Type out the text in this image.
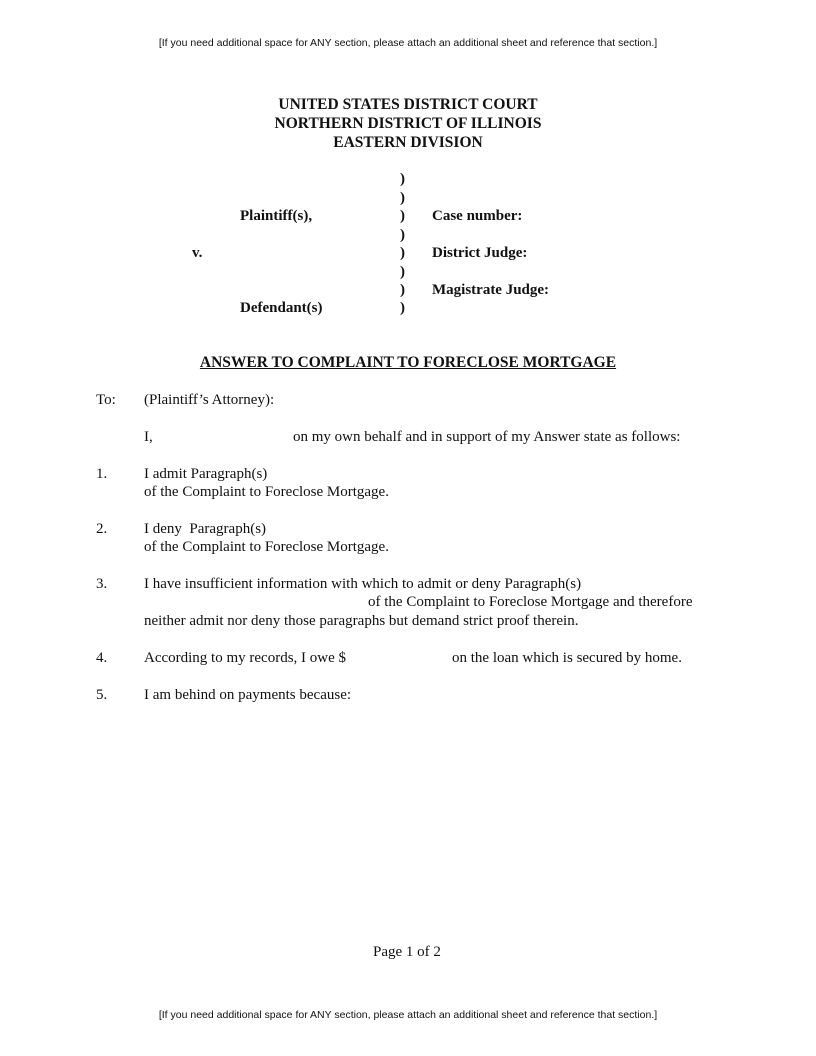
[If you need additional space for ANY section, please attach an additional sheet and reference that section.]
UNITED STATES DISTRICT COURT
NORTHERN DISTRICT OF ILLINOIS
EASTERN DIVISION
)
)
)
)
)
)
)
)
Plaintiff(s),
v.
Defendant(s)
Case number:
District Judge:
Magistrate Judge:
ANSWER TO COMPLAINT TO FORECLOSE MORTGAGE
To: (Plaintiff’s Attorney):
I,	on my own behalf and in support of my Answer state as follows:
1. I admit Paragraph(s)
of the Complaint to Foreclose Mortgage.
2. I deny  Paragraph(s)
of the Complaint to Foreclose Mortgage.
3. I have insufficient information with which to admit or deny Paragraph(s)
of the Complaint to Foreclose Mortgage and therefore
neither admit nor deny those paragraphs but demand strict proof therein.
4. According to my records, I owe $	on the loan which is secured by home.
5. I am behind on payments because:
Page 1 of 2
[If you need additional space for ANY section, please attach an additional sheet and reference that section.]
